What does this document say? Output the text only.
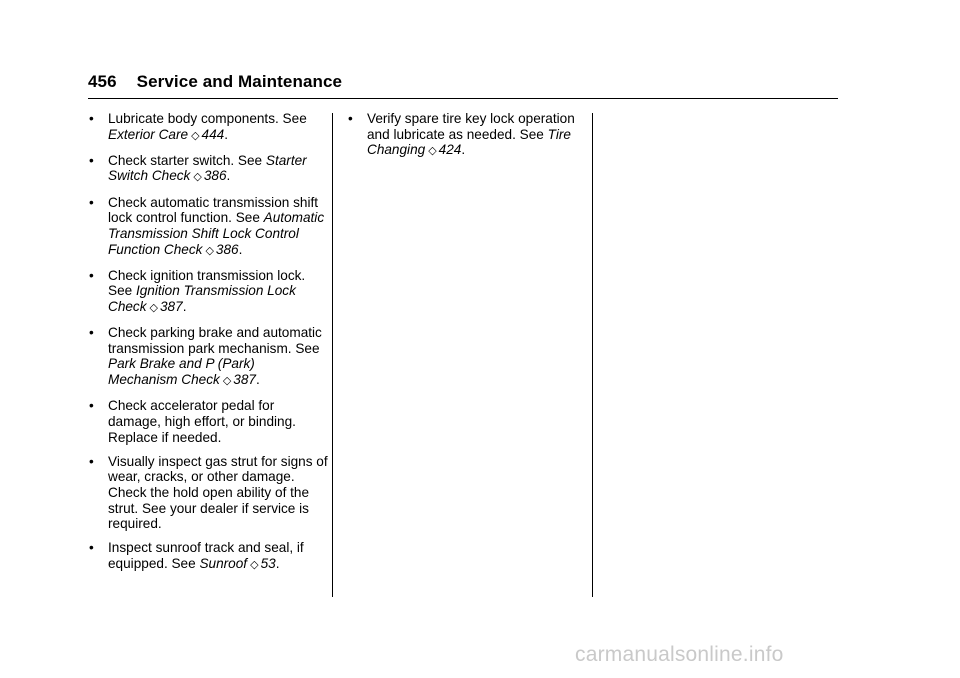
456 Service and Maintenance
• Lubricate body components. See Exterior Care ◇ 444.
• Check starter switch. See Starter Switch Check ◇ 386.
• Check automatic transmission shift lock control function. See Automatic Transmission Shift Lock Control Function Check ◇ 386.
• Check ignition transmission lock. See Ignition Transmission Lock Check ◇ 387.
• Check parking brake and automatic transmission park mechanism. See Park Brake and P (Park) Mechanism Check ◇ 387.
• Check accelerator pedal for damage, high effort, or binding. Replace if needed.
• Visually inspect gas strut for signs of wear, cracks, or other damage. Check the hold open ability of the strut. See your dealer if service is required.
• Inspect sunroof track and seal, if equipped. See Sunroof ◇ 53.
• Verify spare tire key lock operation and lubricate as needed. See Tire Changing ◇ 424.
carmanualsonline.info
